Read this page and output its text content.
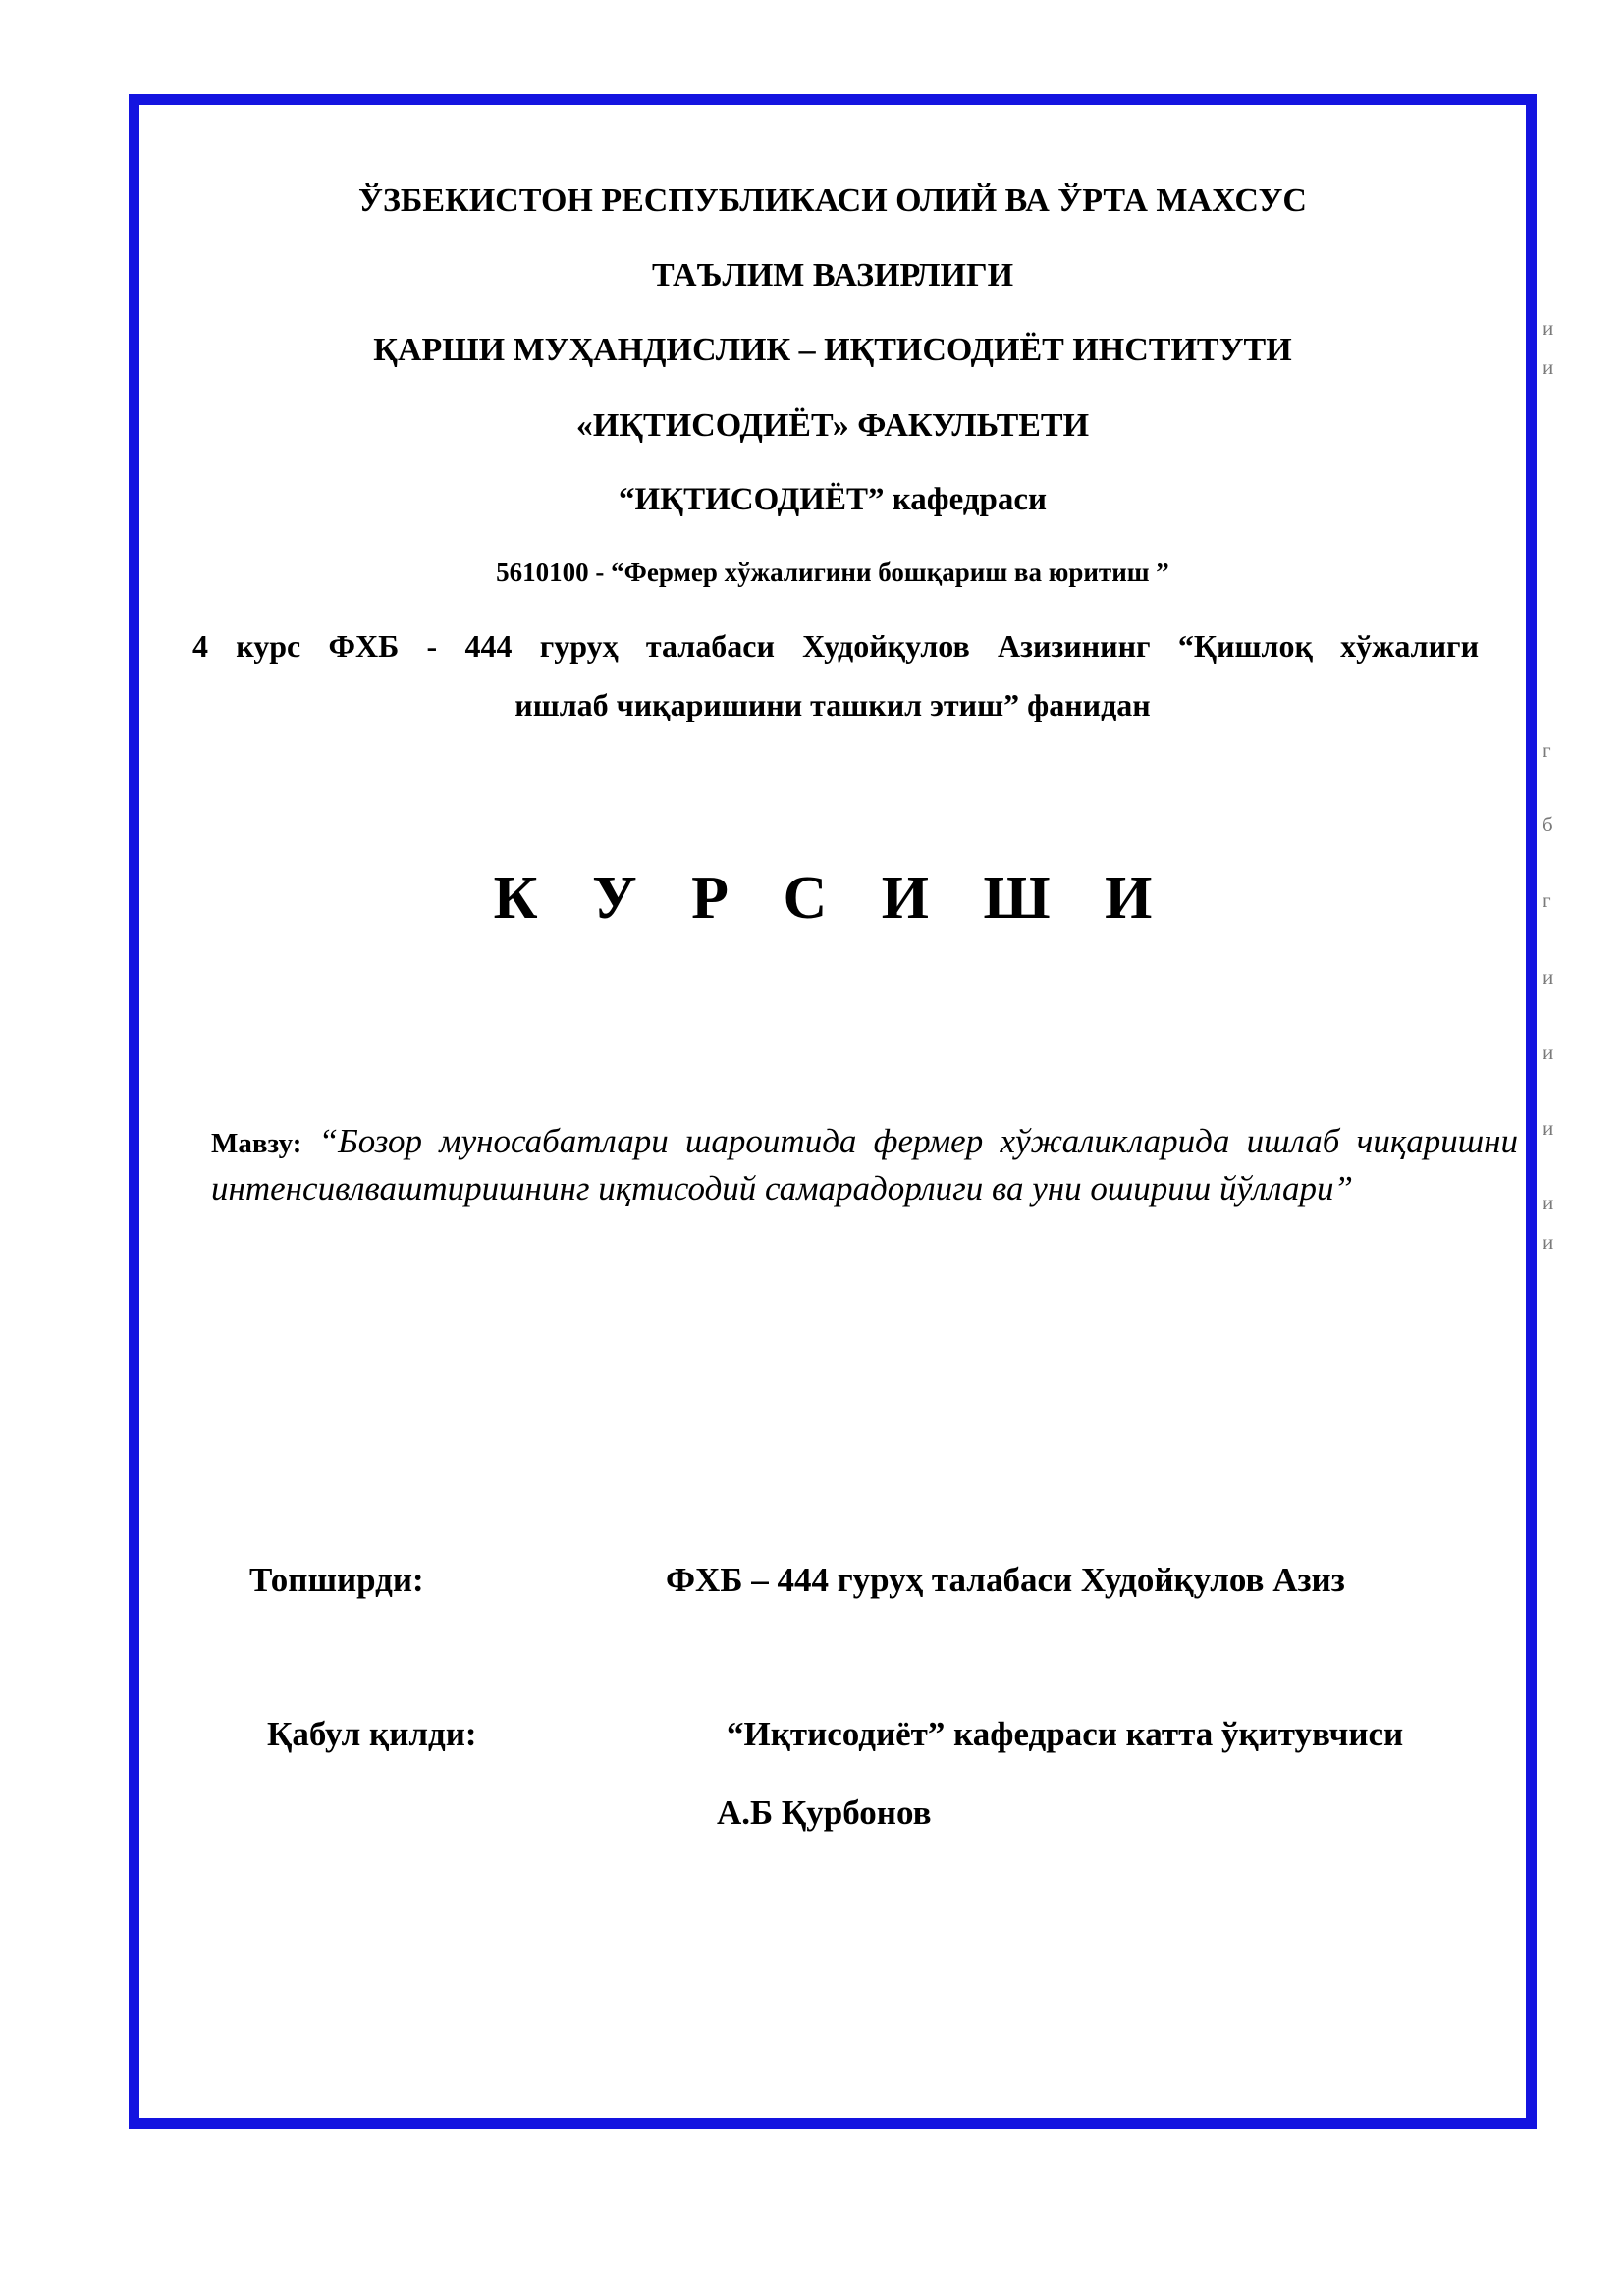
ЎЗБЕКИСТОН РЕСПУБЛИКАСИ ОЛИЙ ВА ЎРТА МАХСУС
ТАЪЛИМ ВАЗИРЛИГИ
ҚАРШИ МУҲАНДИСЛИК – ИҚТИСОДИЁТ ИНСТИТУТИ
«ИҚТИСОДИЁТ» ФАКУЛЬТЕТИ
“ИҚТИСОДИЁТ” кафедраси
5610100 - “Фермер хўжалигини бошқариш ва юритиш ”
4 курс ФХБ - 444 гуруҳ талабаси Худойқулов Азизининг “Қишлоқ хўжалиги
ишлаб чиқаришини ташкил этиш” фанидан
К У Р С И Ш И
Мавзу: “Бозор муносабатлари шароитида фермер хўжаликларида ишлаб чиқаришни интенсивлваштиришнинг иқтисодий самарадорлиги ва уни ошириш йўллари”
Топширди:	ФХБ – 444 гуруҳ талабаси Худойқулов Азиз
Қабул қилди:	“Иқтисодиёт” кафедраси катта ўқитувчиси
А.Б Қурбонов
и
и
г
б
г
и
и
и
и
и
